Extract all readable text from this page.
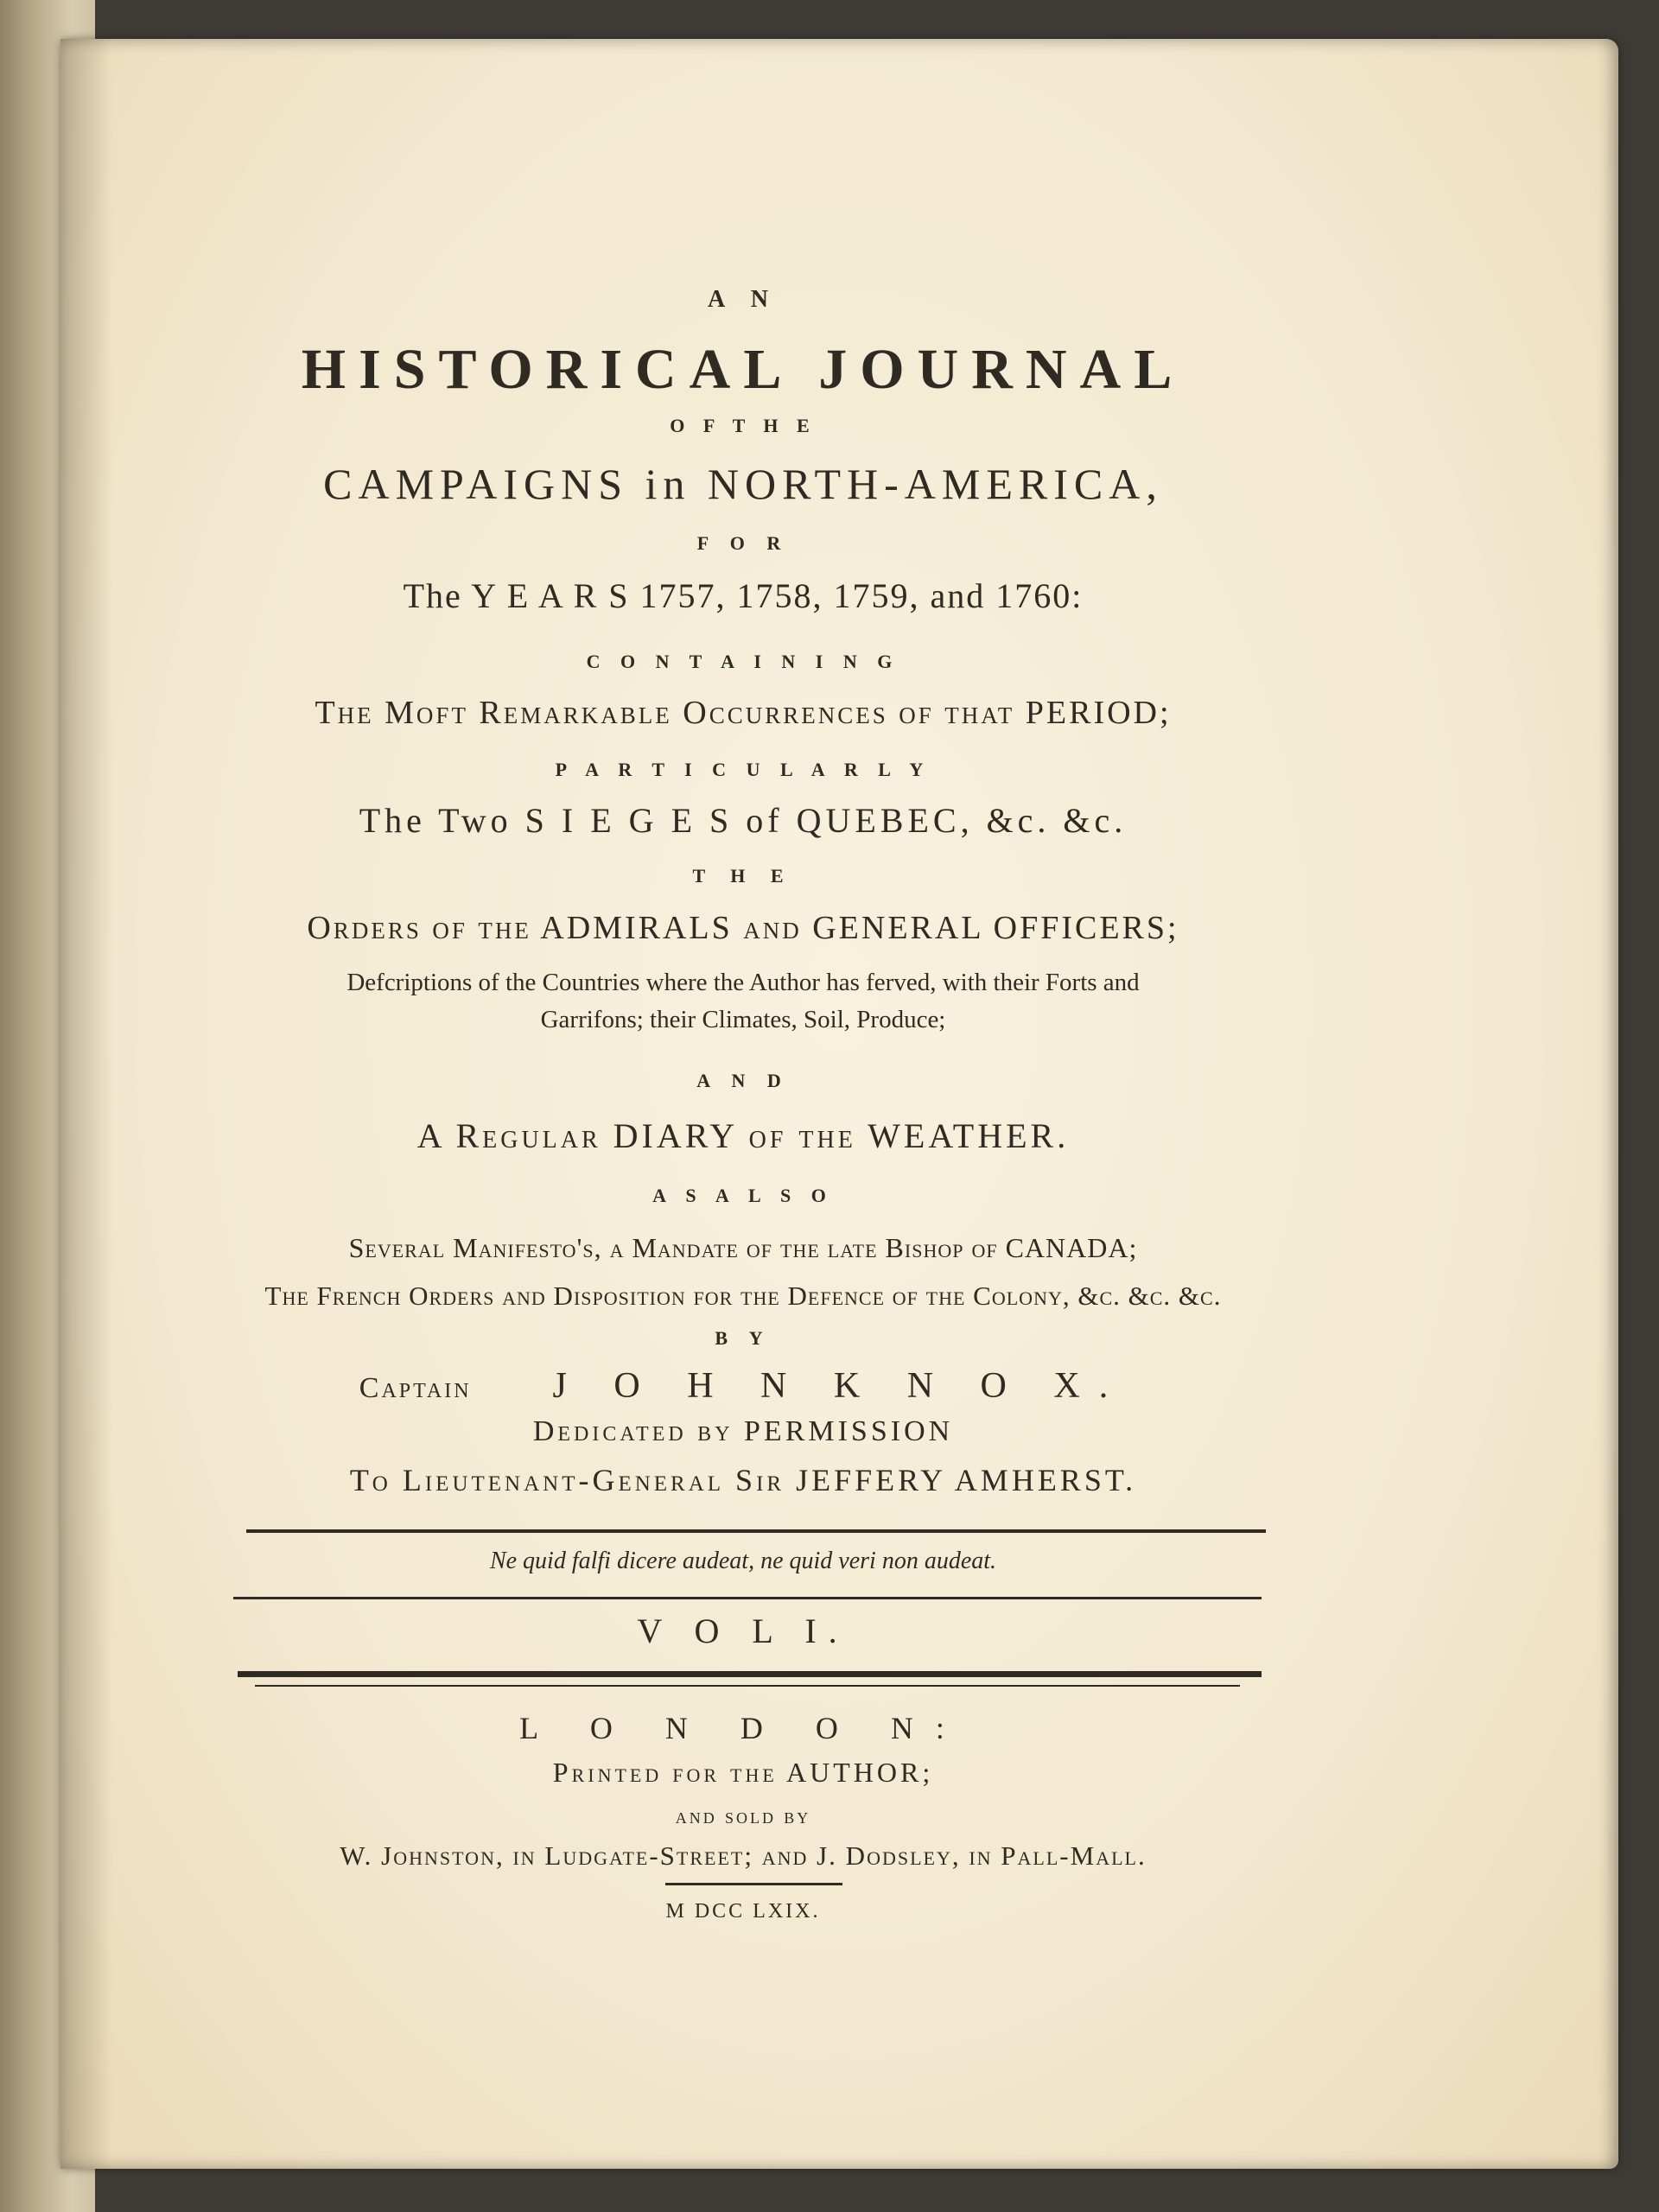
A N
HISTORICAL JOURNAL
O F T H E
CAMPAIGNS in NORTH-AMERICA,
F O R
The Y E A R S 1757, 1758, 1759, and 1760:
C O N T A I N I N G
The Moft Remarkable Occurrences of that PERIOD;
P A R T I C U L A R L Y
The Two S I E G E S of QUEBEC, &c. &c.
T H E
Orders of the ADMIRALS and GENERAL OFFICERS;
Defcriptions of the Countries where the Author has ferved, with their Forts and
Garrifons; their Climates, Soil, Produce;
A N D
A Regular DIARY of the WEATHER.
A S A L S O
Several Manifesto's, a Mandate of the late Bishop of CANADA;
The French Orders and Disposition for the Defence of the Colony, &c. &c. &c.
B Y
Captain J O H N K N O X.
Dedicated by PERMISSION
To Lieutenant-General Sir JEFFERY AMHERST.
Ne quid falfi dicere audeat, ne quid veri non audeat.
V O L I.
L O N D O N:
Printed for the AUTHOR;
and sold by
W. Johnston, in Ludgate-Street; and J. Dodsley, in Pall-Mall.
M DCC LXIX.
